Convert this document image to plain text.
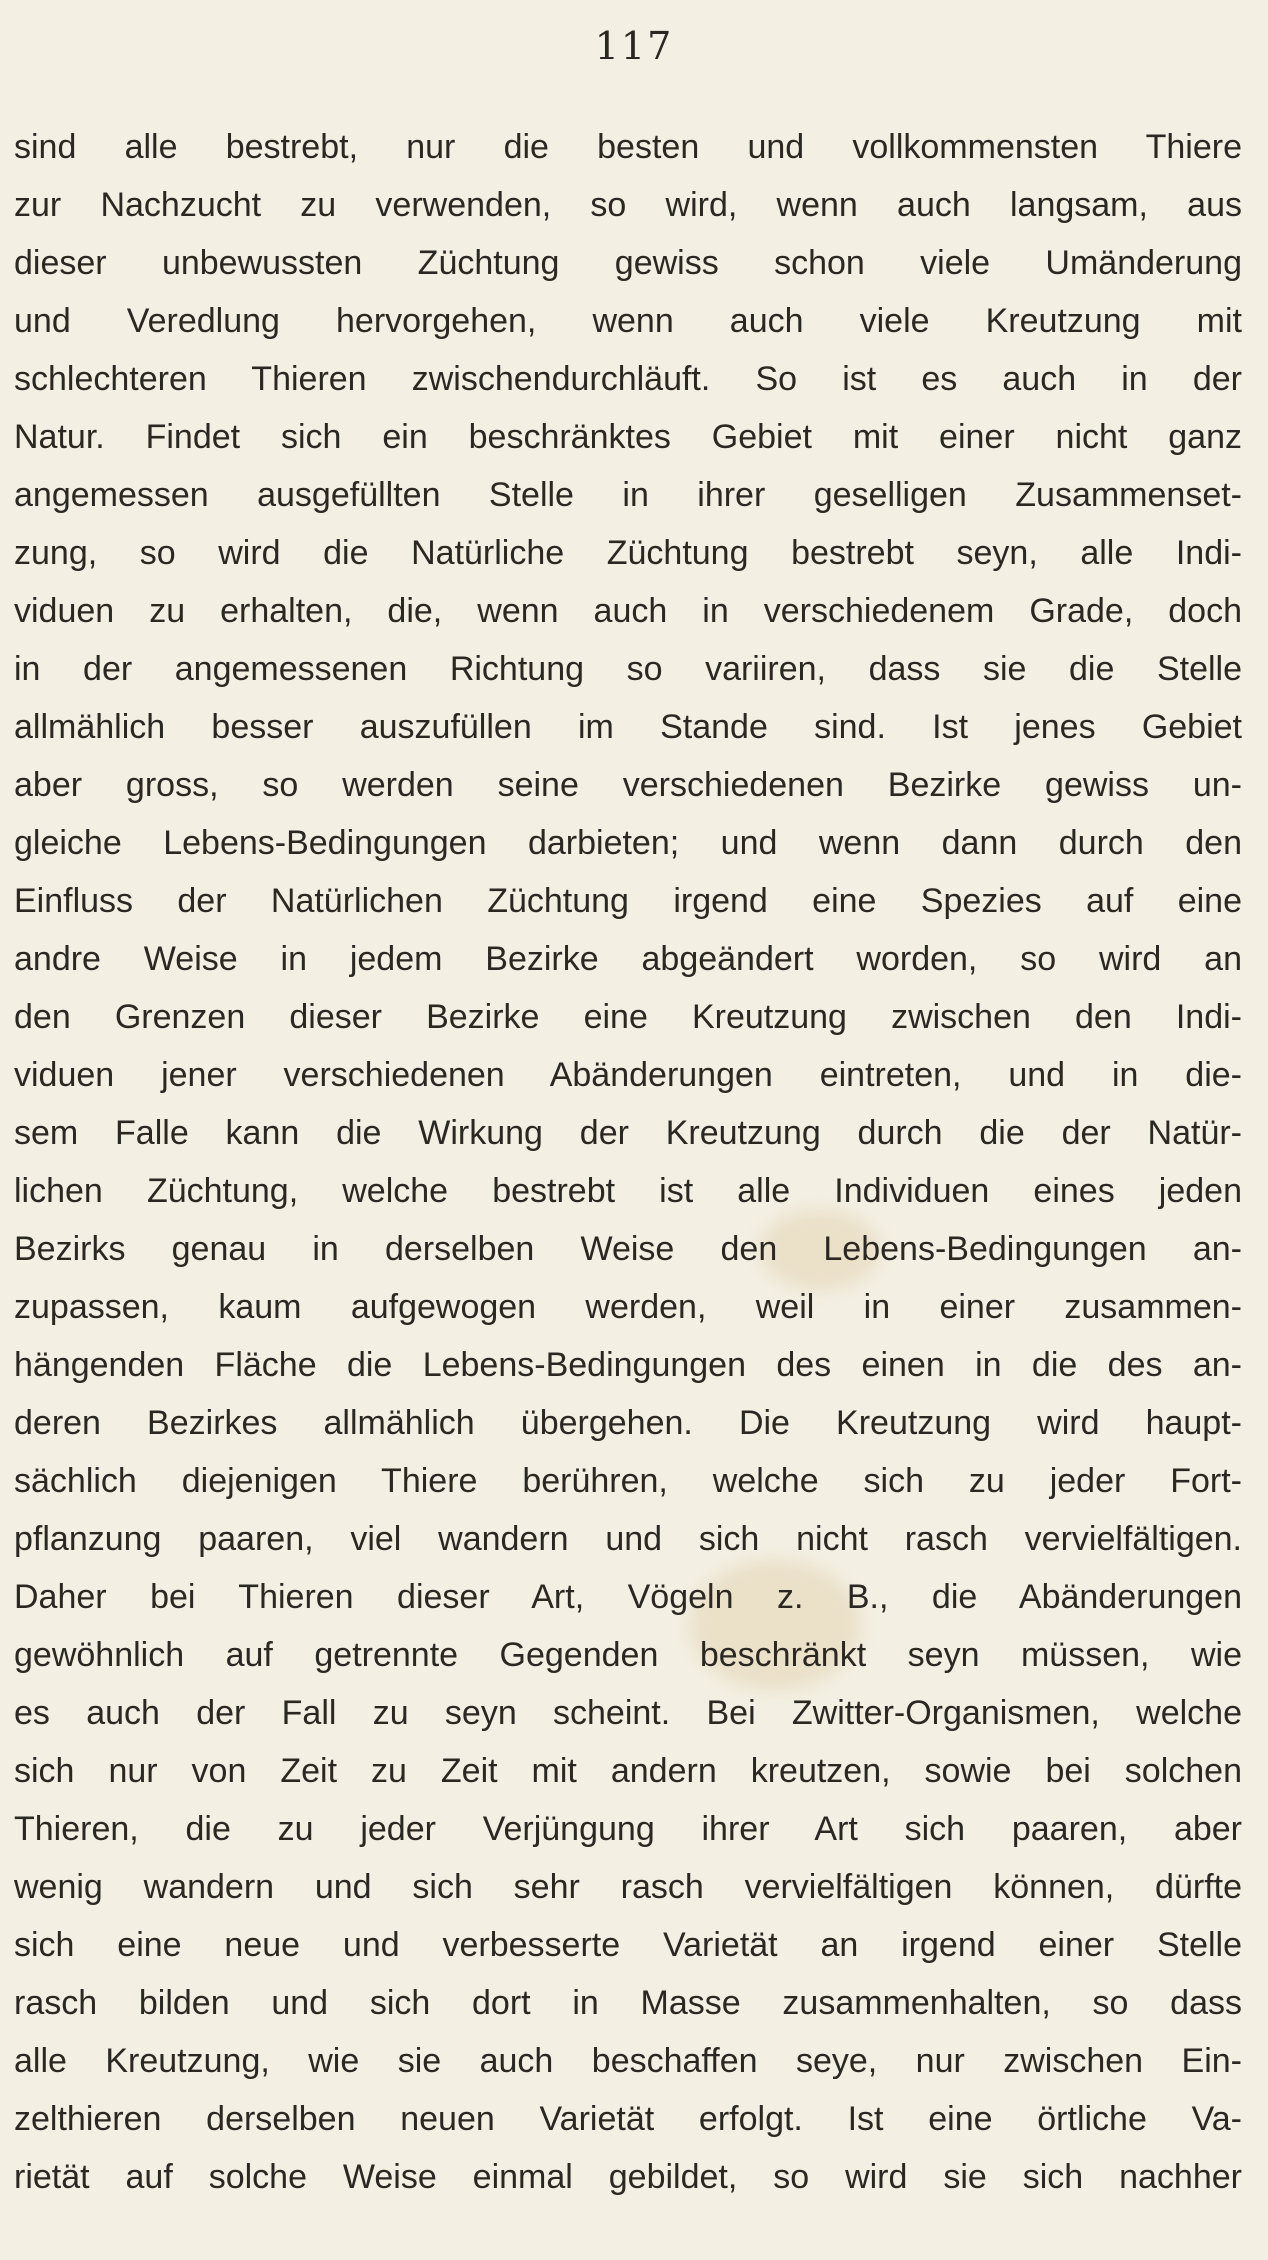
117
sind alle bestrebt, nur die besten und vollkommensten Thiere
zur Nachzucht zu verwenden, so wird, wenn auch langsam, aus
dieser unbewussten Züchtung gewiss schon viele Umänderung
und Veredlung hervorgehen, wenn auch viele Kreutzung mit
schlechteren Thieren zwischendurchläuft. So ist es auch in der
Natur. Findet sich ein beschränktes Gebiet mit einer nicht ganz
angemessen ausgefüllten Stelle in ihrer geselligen Zusammenset-
zung, so wird die Natürliche Züchtung bestrebt seyn, alle Indi-
viduen zu erhalten, die, wenn auch in verschiedenem Grade, doch
in der angemessenen Richtung so variiren, dass sie die Stelle
allmählich besser auszufüllen im Stande sind. Ist jenes Gebiet
aber gross, so werden seine verschiedenen Bezirke gewiss un-
gleiche Lebens-Bedingungen darbieten; und wenn dann durch den
Einfluss der Natürlichen Züchtung irgend eine Spezies auf eine
andre Weise in jedem Bezirke abgeändert worden, so wird an
den Grenzen dieser Bezirke eine Kreutzung zwischen den Indi-
viduen jener verschiedenen Abänderungen eintreten, und in die-
sem Falle kann die Wirkung der Kreutzung durch die der Natür-
lichen Züchtung, welche bestrebt ist alle Individuen eines jeden
Bezirks genau in derselben Weise den Lebens-Bedingungen an-
zupassen, kaum aufgewogen werden, weil in einer zusammen-
hängenden Fläche die Lebens-Bedingungen des einen in die des an-
deren Bezirkes allmählich übergehen. Die Kreutzung wird haupt-
sächlich diejenigen Thiere berühren, welche sich zu jeder Fort-
pflanzung paaren, viel wandern und sich nicht rasch vervielfältigen.
Daher bei Thieren dieser Art, Vögeln z. B., die Abänderungen
gewöhnlich auf getrennte Gegenden beschränkt seyn müssen, wie
es auch der Fall zu seyn scheint. Bei Zwitter-Organismen, welche
sich nur von Zeit zu Zeit mit andern kreutzen, sowie bei solchen
Thieren, die zu jeder Verjüngung ihrer Art sich paaren, aber
wenig wandern und sich sehr rasch vervielfältigen können, dürfte
sich eine neue und verbesserte Varietät an irgend einer Stelle
rasch bilden und sich dort in Masse zusammenhalten, so dass
alle Kreutzung, wie sie auch beschaffen seye, nur zwischen Ein-
zelthieren derselben neuen Varietät erfolgt. Ist eine örtliche Va-
rietät auf solche Weise einmal gebildet, so wird sie sich nachher
